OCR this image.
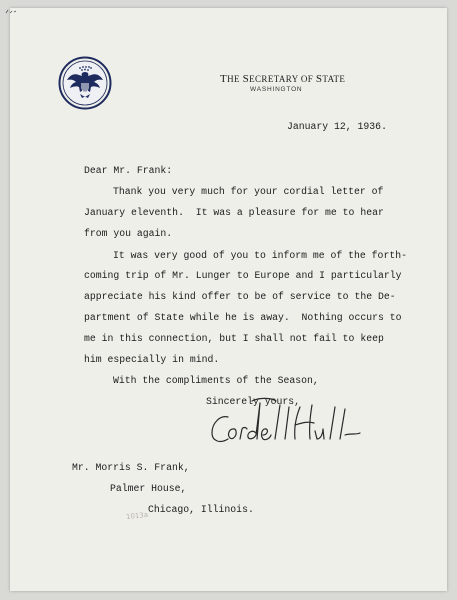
THE SECRETARY OF STATE
WASHINGTON
January 12, 1936.
Dear Mr. Frank:
Thank you very much for your cordial letter of
January eleventh.  It was a pleasure for me to hear
from you again.
It was very good of you to inform me of the forth-
coming trip of Mr. Lunger to Europe and I particularly
appreciate his kind offer to be of service to the De-
partment of State while he is away.  Nothing occurs to
me in this connection, but I shall not fail to keep
him especially in mind.
With the compliments of the Season,
Sincerely yours,
Mr. Morris S. Frank,
Palmer House,
Chicago, Illinois.
1013a
